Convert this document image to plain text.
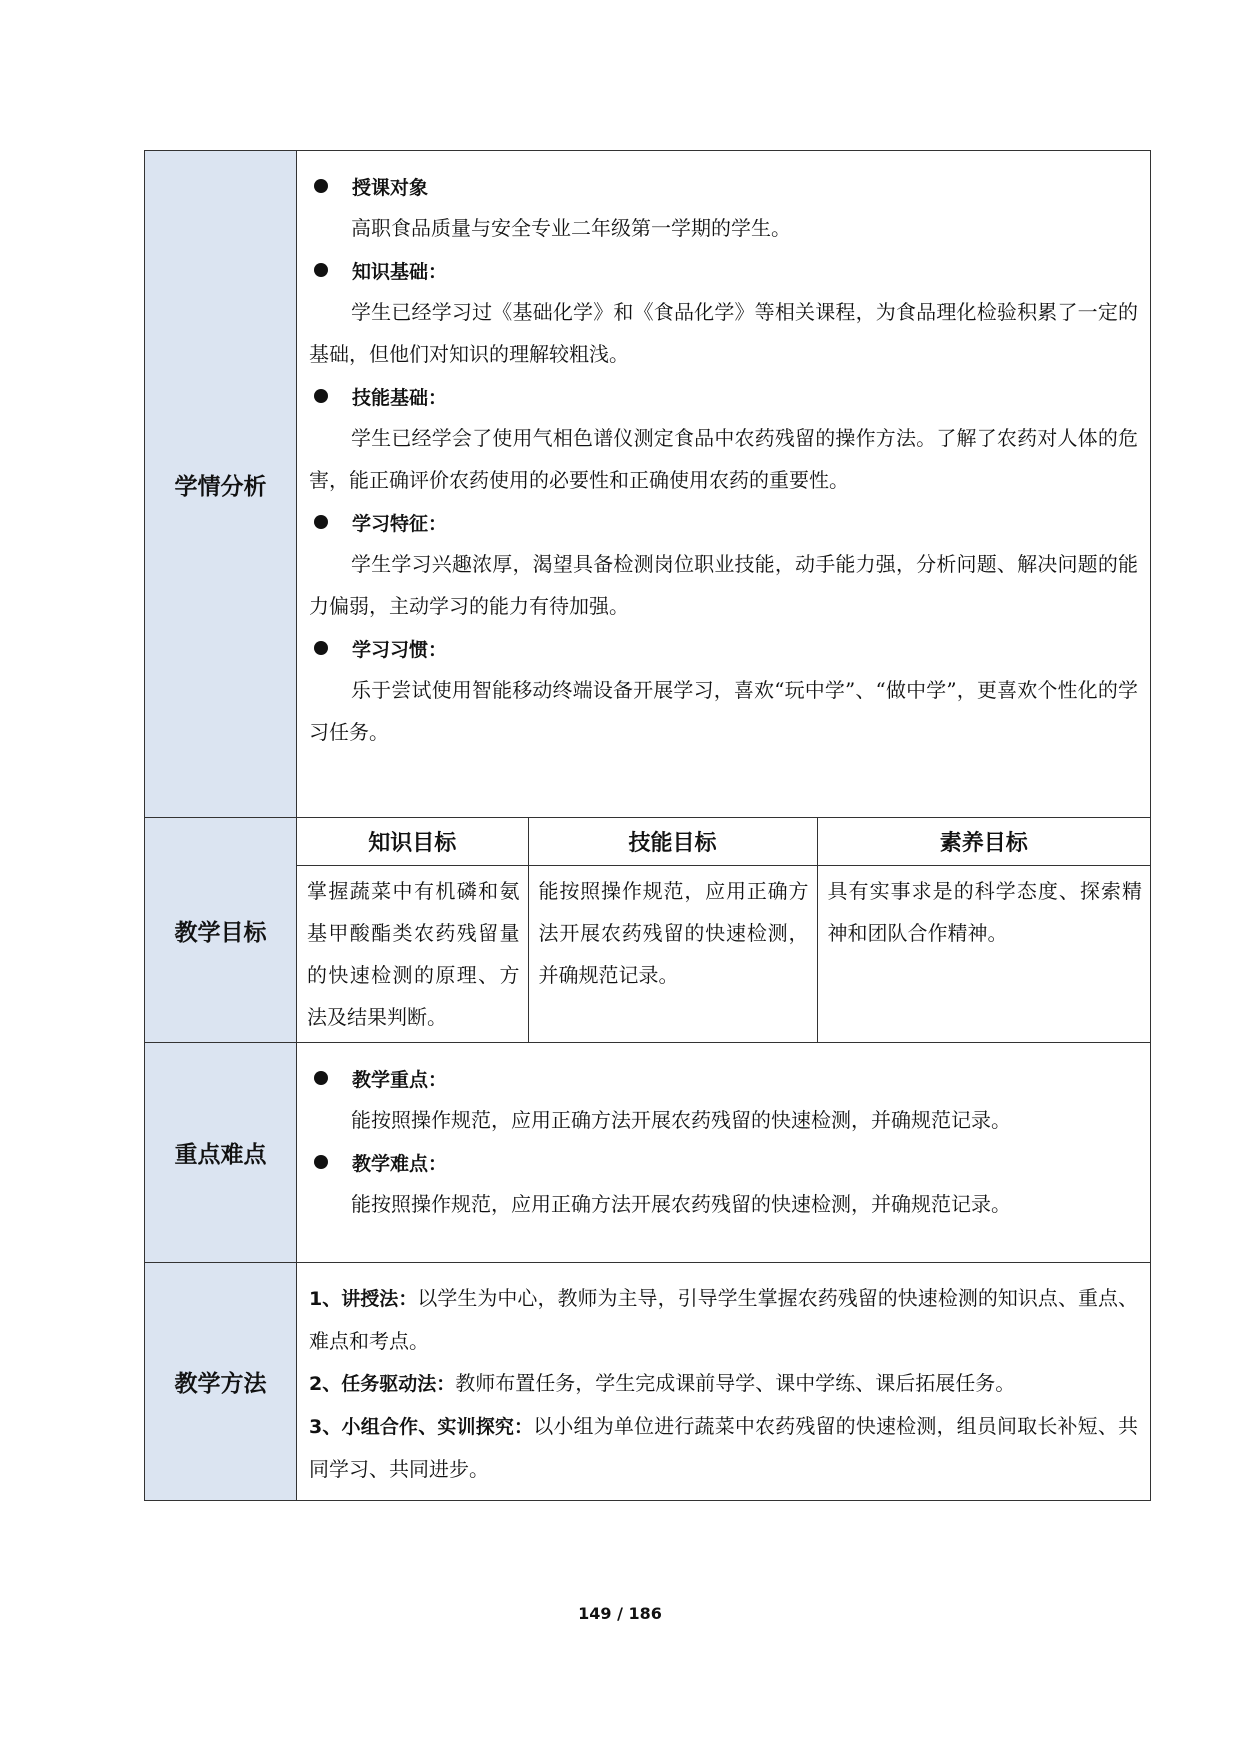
学情分析	
授课对象

高职食品质量与安全专业二年级第一学期的学生。

知识基础：

学生已经学习过《基础化学》和《食品化学》等相关课程，为食品理化检验积累了一定的基础，但他们对知识的理解较粗浅。

技能基础：

学生已经学会了使用气相色谱仪测定食品中农药残留的操作方法。了解了农药对人体的危害，能正确评价农药使用的必要性和正确使用农药的重要性。

学习特征：

学生学习兴趣浓厚，渴望具备检测岗位职业技能，动手能力强，分析问题、解决问题的能力偏弱，主动学习的能力有待加强。

学习习惯：

乐于尝试使用智能移动终端设备开展学习，喜欢“玩中学”、“做中学”，更喜欢个性化的学习任务。

教学目标	
知识目标	技能目标	素养目标
掌握蔬菜中有机磷和氨基甲酸酯类农药残留量的快速检测的原理、方法及结果判断。	能按照操作规范，应用正确方法开展农药残留的快速检测，并确规范记录。	具有实事求是的科学态度、探索精神和团队合作精神。

重点难点	
教学重点：

能按照操作规范，应用正确方法开展农药残留的快速检测，并确规范记录。

教学难点：

能按照操作规范，应用正确方法开展农药残留的快速检测，并确规范记录。

教学方法	

1、讲授法：以学生为中心，教师为主导，引导学生掌握农药残留的快速检测的知识点、重点、难点和考点。

2、任务驱动法：教师布置任务，学生完成课前导学、课中学练、课后拓展任务。

3、小组合作、实训探究：以小组为单位进行蔬菜中农药残留的快速检测，组员间取长补短、共同学习、共同进步。

149 / 186
